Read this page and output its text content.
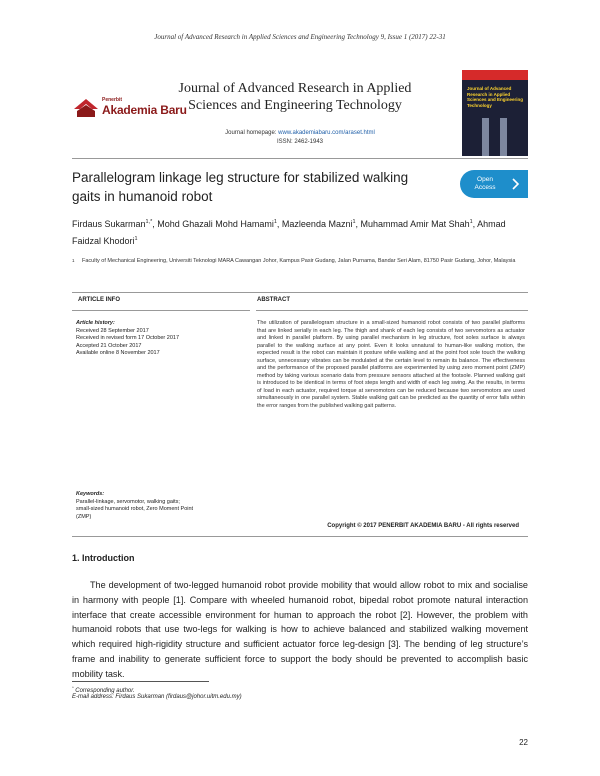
Journal of Advanced Research in Applied Sciences and Engineering Technology 9, Issue 1 (2017) 22-31
Penerbit
Akademia Baru
Journal of Advanced Research in Applied
Sciences and Engineering Technology
Journal homepage: www.akademiabaru.com/araset.html
ISSN: 2462-1943
Journal of Advanced Research in Applied Sciences and Engineering Technology
Parallelogram linkage leg structure for stabilized walking
gaits in humanoid robot
Open
Access
Firdaus Sukarman$^{1,*}$, Mohd Ghazali Mohd Hamami$^1$, Mazleenda Mazni$^1$, Muhammad Amir Mat Shah$^1$, Ahmad Faidzal Khodori$^1$
1 Faculty of Mechanical Engineering, Universiti Teknologi MARA Cawangan Johor, Kampus Pasir Gudang, Jalan Purnama, Bandar Seri Alam, 81750 Pasir Gudang, Johor, Malaysia
ARTICLE INFO	ABSTRACT
Article history:
Received 28 September 2017
Received in revised form 17 October 2017
Accepted 21 October 2017
Available online 8 November 2017
The utilization of parallelogram structure in a small-sized humanoid robot consists of two parallel platforms that are linked serially in each leg. The thigh and shank of each leg consists of two servomotors as actuator and linked in parallel platform. By using parallel mechanism in leg structure, foot soles surface is always parallel to the walking surface at any point. Even it looks unnatural to human-like walking motion, the expected result is the robot can maintain it posture while walking and at the point foot sole touch the walking surface, unnecessary vibrates can be modulated at the certain level to remain its balance. The effectiveness and the performance of the proposed parallel platforms are experimented by using zero moment point (ZMP) method by taking various scenario data from pressure sensors attached at the footsole. Planned walking gait is introduced to be identical in terms of foot steps length and width of each leg swing. As the results, in terms of load in each actuator, required torque at servomotors can be reduced because two servomotors are used simultaneously in one parallel system. Stable walking gait can be predicted as the quantity of error falls within the error ranges from the published walking gait patterns.
Keywords:
Parallel-linkage, servomotor, walking gaits;
small-sized humanoid robot, Zero Moment Point
(ZMP)
Copyright © 2017 PENERBIT AKADEMIA BARU - All rights reserved
1. Introduction
The development of two-legged humanoid robot provide mobility that would allow robot to mix and socialise in harmony with people [1]. Compare with wheeled humanoid robot, bipedal robot promote natural interaction interface that create accessible environment for human to approach the robot [2]. However, the problem with humanoid robots that use two-legs for walking is how to achieve balanced and stabilized walking movement which required high-rigidity structure and sufficient actuator force leg-design [3]. The bending of leg structure’s frame and inability to generate sufficient force to support the body should be prevented to accomplish basic mobility task.
* Corresponding author.
E-mail address: Firdaus Sukarman (firdaus@johor.uitm.edu.my)
22
